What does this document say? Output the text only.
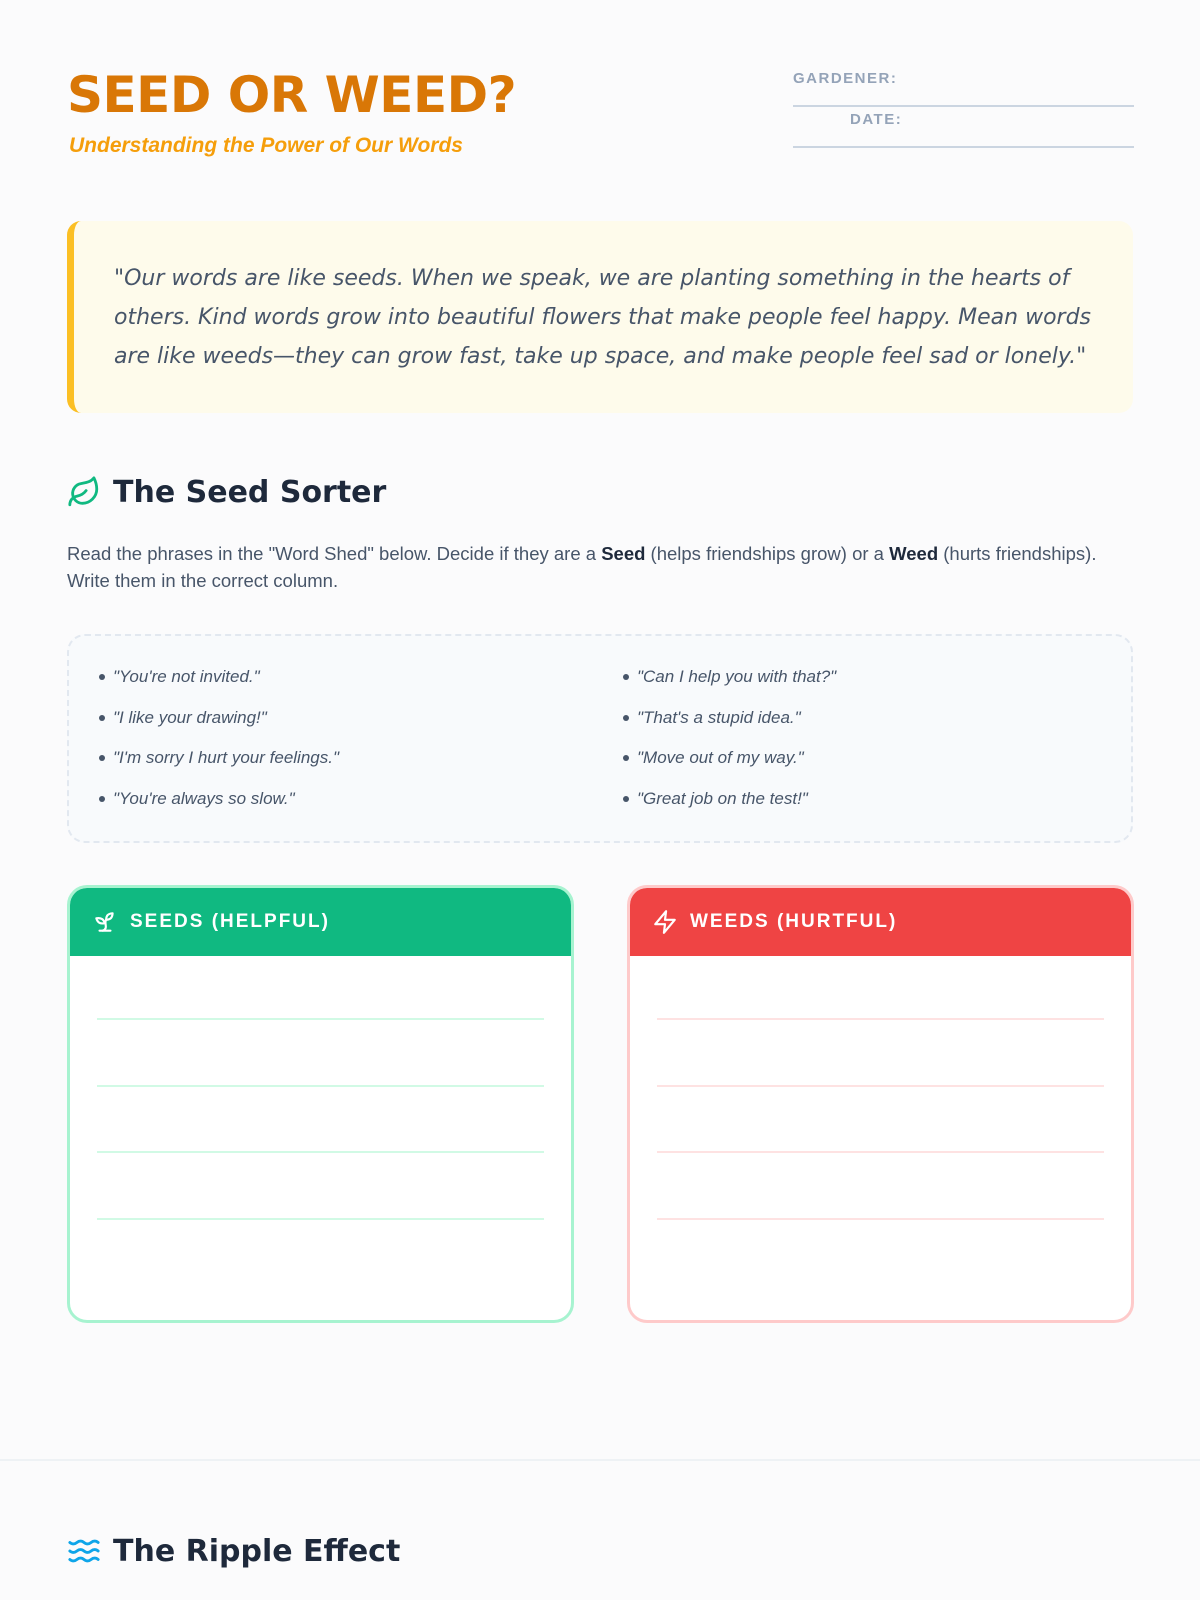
SEED OR WEED?
Understanding the Power of Our Words
GARDENER:
DATE:
"Our words are like seeds. When we speak, we are planting something in the hearts of others. Kind words grow into beautiful flowers that make people feel happy. Mean words are like weeds—they can grow fast, take up space, and make people feel sad or lonely."
The Seed Sorter
Read the phrases in the "Word Shed" below. Decide if they are a Seed (helps friendships grow) or a Weed (hurts friendships). Write them in the correct column.
"You're not invited."
"I like your drawing!"
"I'm sorry I hurt your feelings."
"You're always so slow."
"Can I help you with that?"
"That's a stupid idea."
"Move out of my way."
"Great job on the test!"
SEEDS (HELPFUL)	WEEDS (HURTFUL)
The Ripple Effect
